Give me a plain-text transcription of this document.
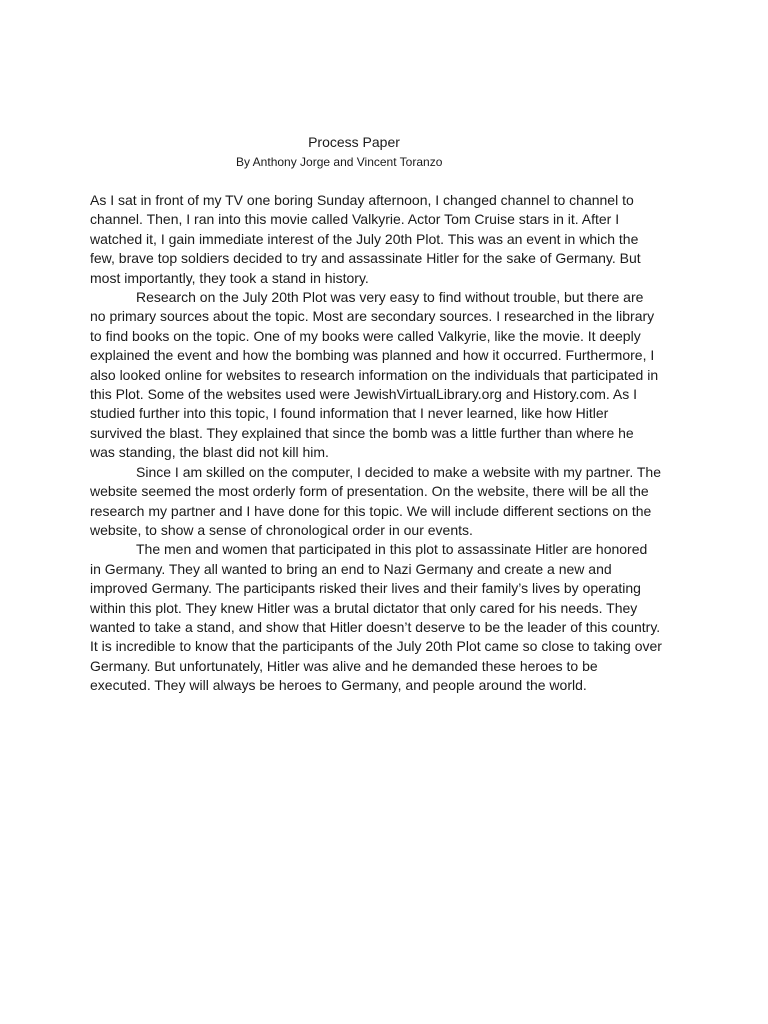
Process Paper
By Anthony Jorge and Vincent Toranzo

As I sat in front of my TV one boring Sunday afternoon, I changed channel to channel to channel. Then, I ran into this movie called Valkyrie. Actor Tom Cruise stars in it. After I watched it, I gain immediate interest of the July 20th Plot. This was an event in which the few, brave top soldiers decided to try and assassinate Hitler for the sake of Germany. But most importantly, they took a stand in history.

Research on the July 20th Plot was very easy to find without trouble, but there are no primary sources about the topic. Most are secondary sources. I researched in the library to find books on the topic. One of my books were called Valkyrie, like the movie. It deeply explained the event and how the bombing was planned and how it occurred. Furthermore, I also looked online for websites to research information on the individuals that participated in this Plot. Some of the websites used were JewishVirtualLibrary.org and History.com. As I studied further into this topic, I found information that I never learned, like how Hitler survived the blast. They explained that since the bomb was a little further than where he was standing, the blast did not kill him.

Since I am skilled on the computer, I decided to make a website with my partner. The website seemed the most orderly form of presentation. On the website, there will be all the research my partner and I have done for this topic. We will include different sections on the website, to show a sense of chronological order in our events.

The men and women that participated in this plot to assassinate Hitler are honored in Germany. They all wanted to bring an end to Nazi Germany and create a new and improved Germany. The participants risked their lives and their family’s lives by operating within this plot. They knew Hitler was a brutal dictator that only cared for his needs. They wanted to take a stand, and show that Hitler doesn’t deserve to be the leader of this country. It is incredible to know that the participants of the July 20th Plot came so close to taking over Germany. But unfortunately, Hitler was alive and he demanded these heroes to be executed. They will always be heroes to Germany, and people around the world.
